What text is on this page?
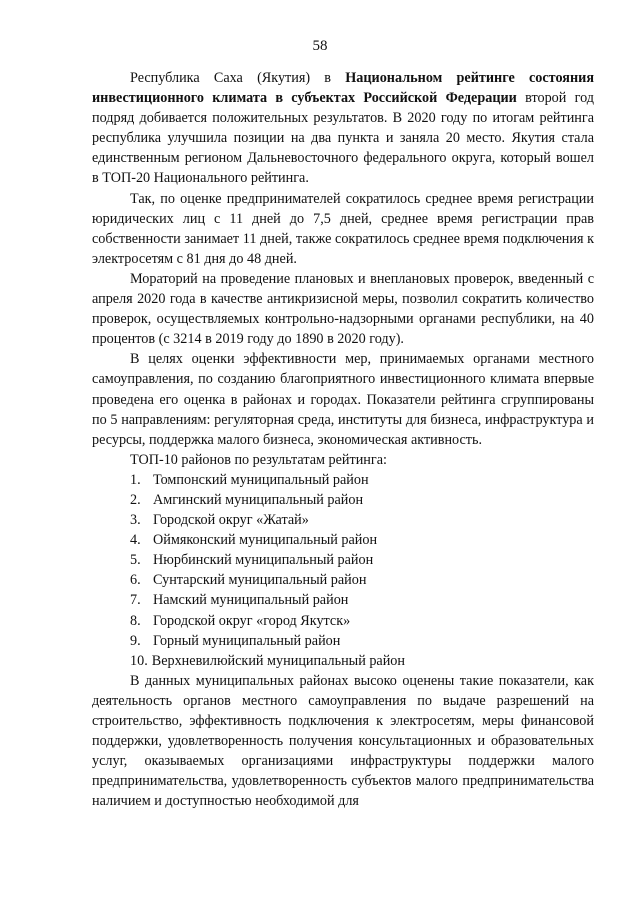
58

Республика Саха (Якутия) в Национальном рейтинге состояния инвестиционного климата в субъектах Российской Федерации второй год подряд добивается положительных результатов. В 2020 году по итогам рейтинга республика улучшила позиции на два пункта и заняла 20 место. Якутия стала единственным регионом Дальневосточного федерального округа, который вошел в ТОП-20 Национального рейтинга.

Так, по оценке предпринимателей сократилось среднее время регистрации юридических лиц с 11 дней до 7,5 дней, среднее время регистрации прав собственности занимает 11 дней, также сократилось среднее время подключения к электросетям с 81 дня до 48 дней.

Мораторий на проведение плановых и внеплановых проверок, введенный с апреля 2020 года в качестве антикризисной меры, позволил сократить количество проверок, осуществляемых контрольно-надзорными органами республики, на 40 процентов (с 3214 в 2019 году до 1890 в 2020 году).

В целях оценки эффективности мер, принимаемых органами местного самоуправления, по созданию благоприятного инвестиционного климата впервые проведена его оценка в районах и городах. Показатели рейтинга сгруппированы по 5 направлениям: регуляторная среда, институты для бизнеса, инфраструктура и ресурсы, поддержка малого бизнеса, экономическая активность.

ТОП-10 районов по результатам рейтинга:

1. Томпонский муниципальный район
2. Амгинский муниципальный район
3. Городской округ «Жатай»
4. Оймяконский муниципальный район
5. Нюрбинский муниципальный район
6. Сунтарский муниципальный район
7. Намский муниципальный район
8. Городской округ «город Якутск»
9. Горный муниципальный район
10. Верхневилюйский муниципальный район

В данных муниципальных районах высоко оценены такие показатели, как деятельность органов местного самоуправления по выдаче разрешений на строительство, эффективность подключения к электросетям, меры финансовой поддержки, удовлетворенность получения консультационных и образовательных услуг, оказываемых организациями инфраструктуры поддержки малого предпринимательства, удовлетворенность субъектов малого предпринимательства наличием и доступностью необходимой для
